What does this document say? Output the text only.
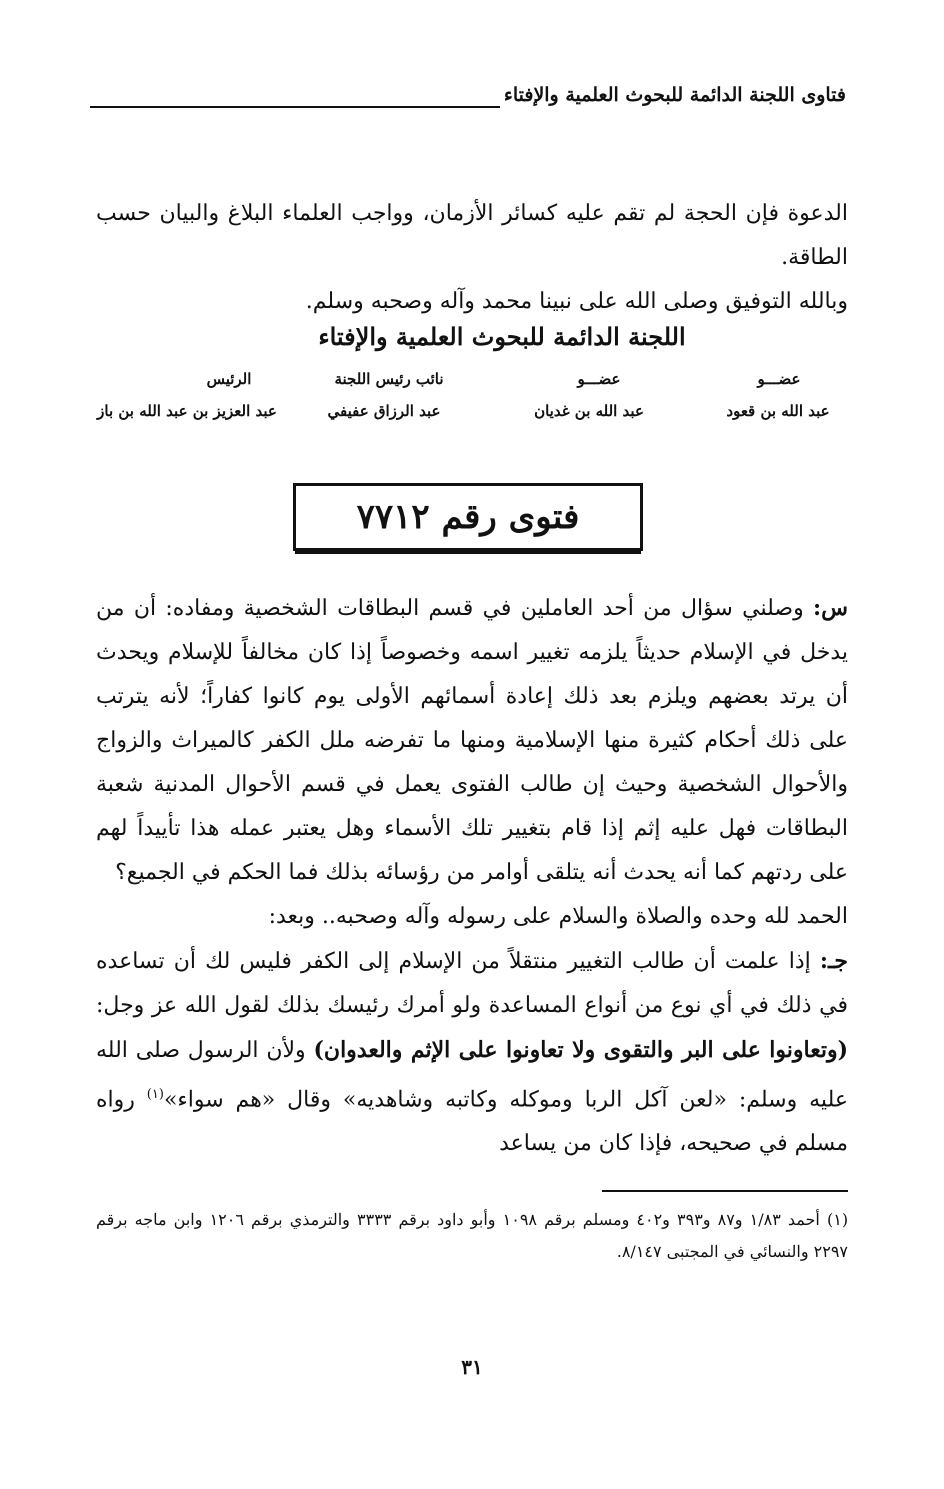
فتاوى اللجنة الدائمة للبحوث العلمية والإفتاء
الدعوة فإن الحجة لم تقم عليه كسائر الأزمان، وواجب العلماء البلاغ والبيان حسب الطاقة.
وبالله التوفيق وصلى الله على نبينا محمد وآله وصحبه وسلم.
اللجنة الدائمة للبحوث العلمية والإفتاء
عضـــو
عضـــو
نائب رئيس اللجنة
الرئيس
عبد الله بن قعود
عبد الله بن غديان
عبد الرزاق عفيفي
عبد العزيز بن عبد الله بن باز
فتوى رقم ٧٧١٢

س: وصلني سؤال من أحد العاملين في قسم البطاقات الشخصية ومفاده: أن من يدخل في الإسلام حديثاً يلزمه تغيير اسمه وخصوصاً إذا كان مخالفاً للإسلام ويحدث أن يرتد بعضهم ويلزم بعد ذلك إعادة أسمائهم الأولى يوم كانوا كفاراً؛ لأنه يترتب على ذلك أحكام كثيرة منها الإسلامية ومنها ما تفرضه ملل الكفر كالميراث والزواج والأحوال الشخصية وحيث إن طالب الفتوى يعمل في قسم الأحوال المدنية شعبة البطاقات فهل عليه إثم إذا قام بتغيير تلك الأسماء وهل يعتبر عمله هذا تأييداً لهم على ردتهم كما أنه يحدث أنه يتلقى أوامر من رؤسائه بذلك فما الحكم في الجميع؟

الحمد لله وحده والصلاة والسلام على رسوله وآله وصحبه.. وبعد:

جـ: إذا علمت أن طالب التغيير منتقلاً من الإسلام إلى الكفر فليس لك أن تساعده في ذلك في أي نوع من أنواع المساعدة ولو أمرك رئيسك بذلك لقول الله عز وجل: (وتعاونوا على البر والتقوى ولا تعاونوا على الإثم والعدوان) ولأن الرسول صلى الله عليه وسلم: «لعن آكل الربا وموكله وكاتبه وشاهديه» وقال «هم سواء»$^{(١)}$ رواه مسلم في صحيحه، فإذا كان من يساعد

(١) أحمد ١/٨٣ و٨٧ و٣٩٣ و٤٠٢ ومسلم برقم ١٠٩٨ وأبو داود برقم ٣٣٣٣ والترمذي برقم ١٢٠٦ وابن ماجه برقم ٢٢٩٧ والنسائي في المجتبى ٨/١٤٧.
٣١
